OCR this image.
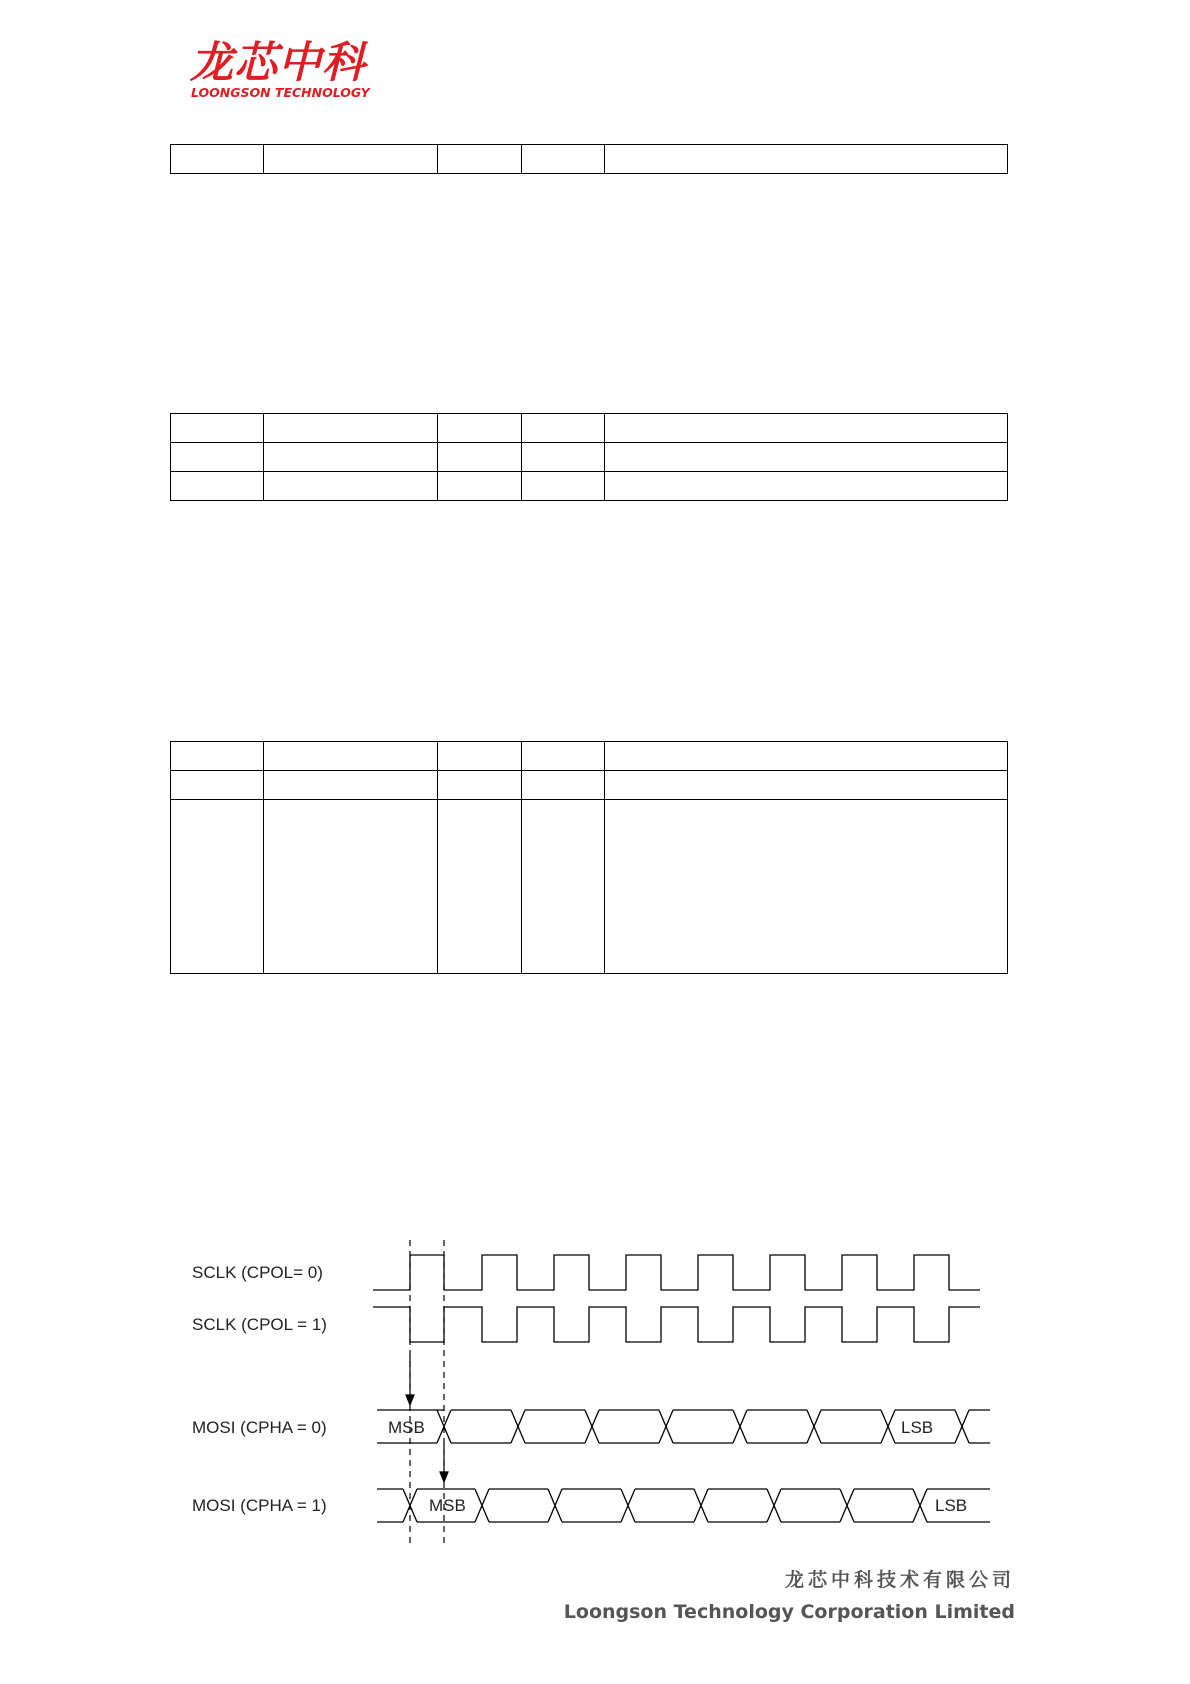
龙芯中科
LOONGSON TECHNOLOGY

SCLK (CPOL= 0)
SCLK (CPOL = 1)
MOSI (CPHA = 0)
MOSI (CPHA = 1)
MSB	LSB
MSB	LSB
龙芯中科技术有限公司
Loongson Technology Corporation Limited
